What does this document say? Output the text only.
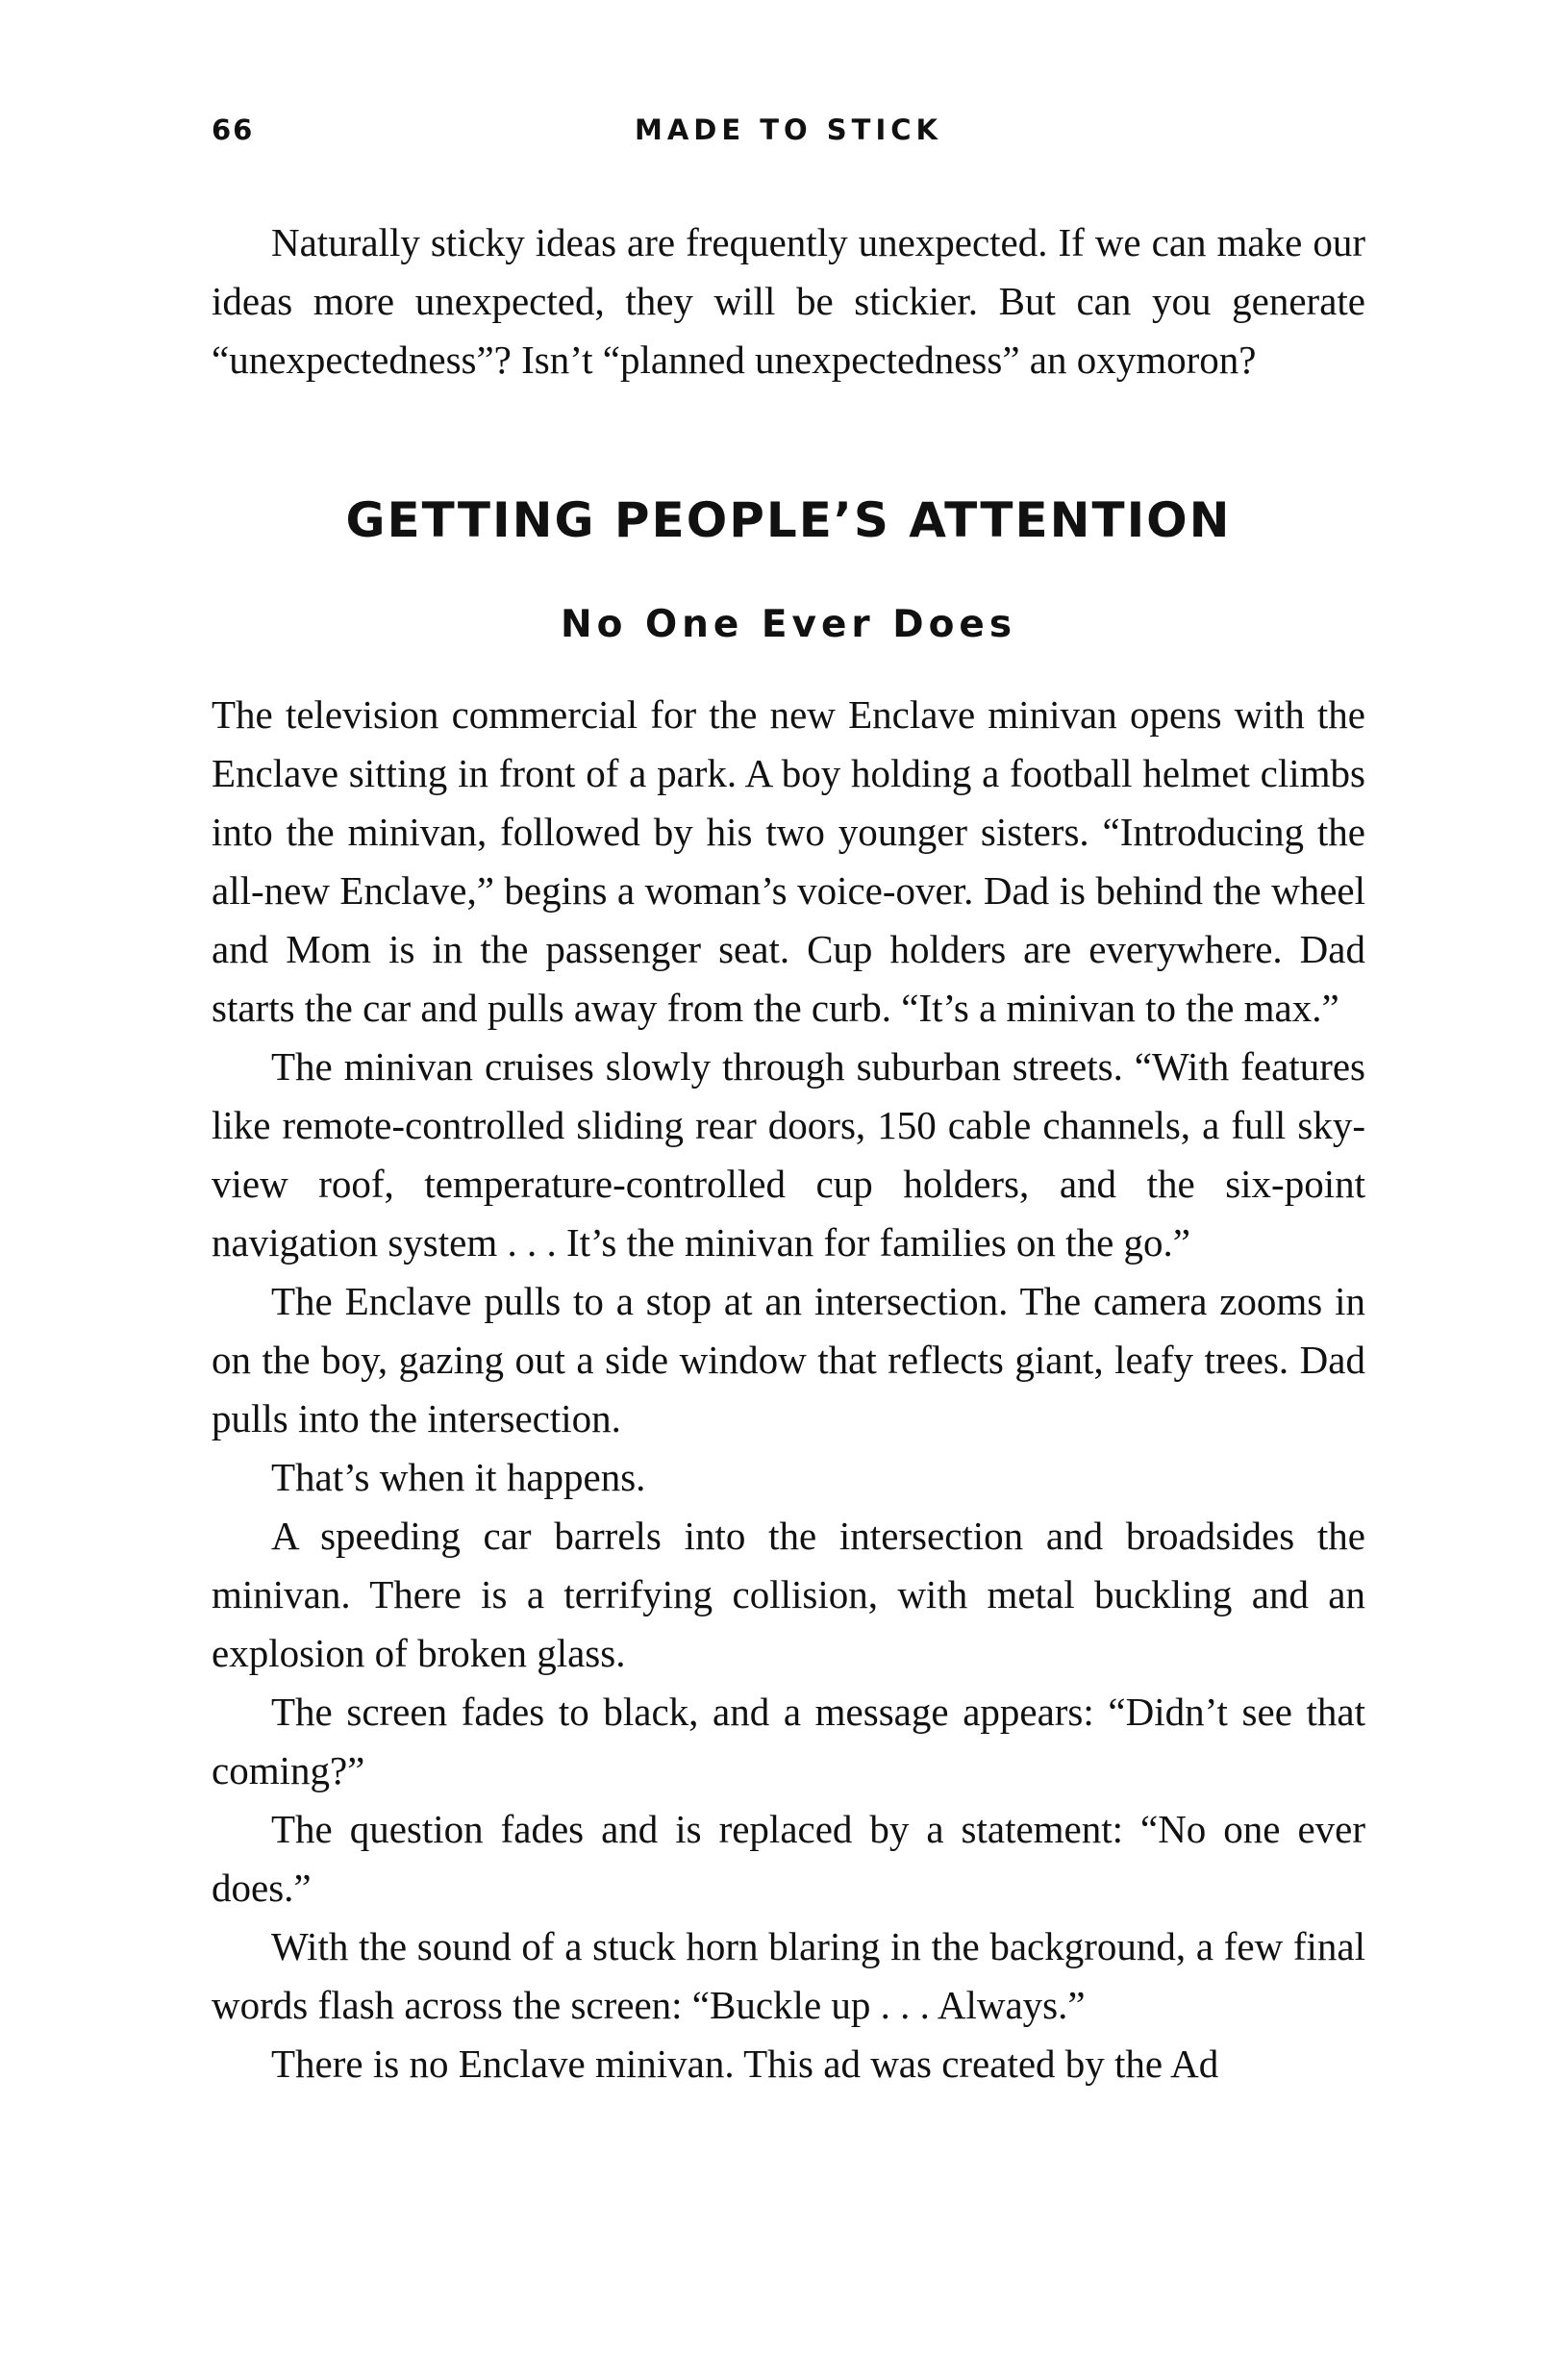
66	MADE TO STICK

Naturally sticky ideas are frequently unexpected. If we can make our ideas more unexpected, they will be stickier. But can you generate “unexpectedness”? Isn’t “planned unexpectedness” an oxymoron?

GETTING PEOPLE’S ATTENTION
No One Ever Does

The television commercial for the new Enclave minivan opens with the Enclave sitting in front of a park. A boy holding a football helmet climbs into the minivan, followed by his two younger sisters. “Introducing the all-new Enclave,” begins a woman’s voice-over. Dad is behind the wheel and Mom is in the passenger seat. Cup holders are everywhere. Dad starts the car and pulls away from the curb. “It’s a minivan to the max.”

The minivan cruises slowly through suburban streets. “With features like remote-controlled sliding rear doors, 150 cable channels, a full sky-view roof, temperature-controlled cup holders, and the six-point navigation system . . . It’s the minivan for families on the go.”

The Enclave pulls to a stop at an intersection. The camera zooms in on the boy, gazing out a side window that reflects giant, leafy trees. Dad pulls into the intersection.

That’s when it happens.

A speeding car barrels into the intersection and broadsides the minivan. There is a terrifying collision, with metal buckling and an explosion of broken glass.

The screen fades to black, and a message appears: “Didn’t see that coming?”

The question fades and is replaced by a statement: “No one ever does.”

With the sound of a stuck horn blaring in the background, a few final words flash across the screen: “Buckle up . . . Always.”

There is no Enclave minivan. This ad was created by the Ad
